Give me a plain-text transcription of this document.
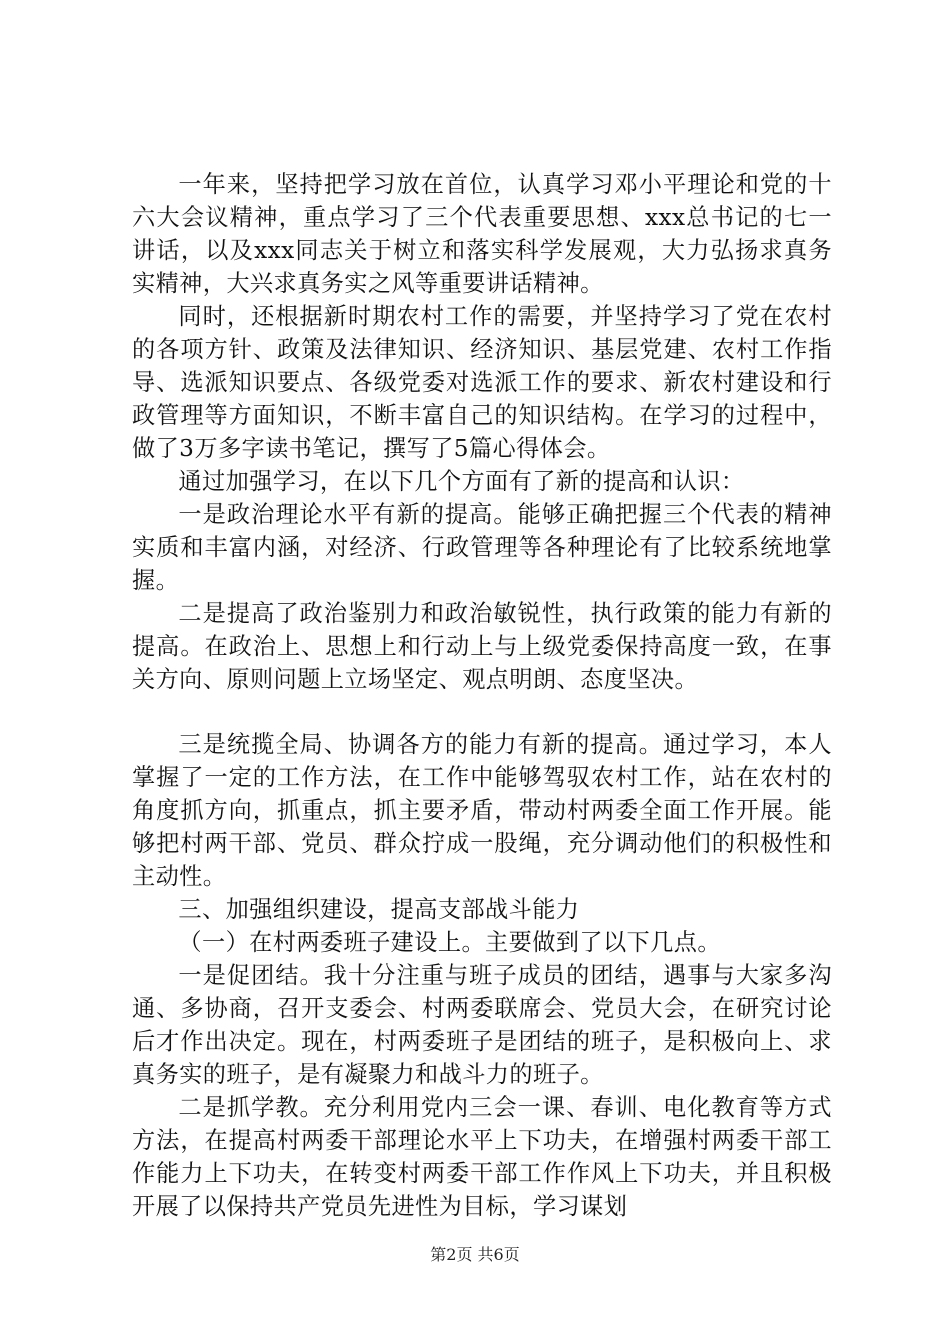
一年来，坚持把学习放在首位，认真学习邓小平理论和党的十六大会议精神，重点学习了三个代表重要思想、xxx总书记的七一讲话，以及xxx同志关于树立和落实科学发展观，大力弘扬求真务实精神，大兴求真务实之风等重要讲话精神。

同时，还根据新时期农村工作的需要，并坚持学习了党在农村的各项方针、政策及法律知识、经济知识、基层党建、农村工作指导、选派知识要点、各级党委对选派工作的要求、新农村建设和行政管理等方面知识，不断丰富自己的知识结构。在学习的过程中，做了3万多字读书笔记，撰写了5篇心得体会。

通过加强学习，在以下几个方面有了新的提高和认识：

一是政治理论水平有新的提高。能够正确把握三个代表的精神实质和丰富内涵，对经济、行政管理等各种理论有了比较系统地掌握。

二是提高了政治鉴别力和政治敏锐性，执行政策的能力有新的提高。在政治上、思想上和行动上与上级党委保持高度一致，在事关方向、原则问题上立场坚定、观点明朗、态度坚决。

三是统揽全局、协调各方的能力有新的提高。通过学习，本人掌握了一定的工作方法，在工作中能够驾驭农村工作，站在农村的角度抓方向，抓重点，抓主要矛盾，带动村两委全面工作开展。能够把村两干部、党员、群众拧成一股绳，充分调动他们的积极性和主动性。

三、加强组织建设，提高支部战斗能力

（一）在村两委班子建设上。主要做到了以下几点。

一是促团结。我十分注重与班子成员的团结，遇事与大家多沟通、多协商，召开支委会、村两委联席会、党员大会，在研究讨论后才作出决定。现在，村两委班子是团结的班子，是积极向上、求真务实的班子，是有凝聚力和战斗力的班子。

二是抓学教。充分利用党内三会一课、春训、电化教育等方式方法，在提高村两委干部理论水平上下功夫，在增强村两委干部工作能力上下功夫，在转变村两委干部工作作风上下功夫，并且积极开展了以保持共产党员先进性为目标，学习谋划

第2页 共6页
